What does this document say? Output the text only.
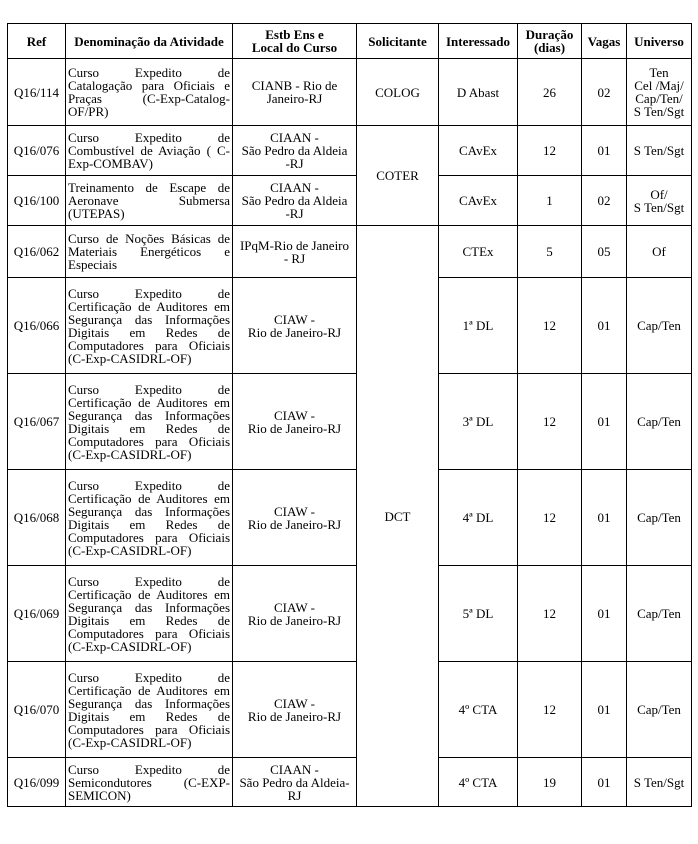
Ref	Denominação da Atividade	Estb Ens e
Local do Curso	Solicitante	Interessado	Duração
(dias)	Vagas	Universo
Q16/114	Curso Expedito de Catalogação para Oficiais e Praças (C-Exp-Catalog-OF/PR)	CIANB - Rio de
Janeiro-RJ	COLOG	D Abast	26	02	Ten
Cel /Maj/
Cap/Ten/
S Ten/Sgt
Q16/076	Curso Expedito de Combustível de Aviação ( C-Exp-COMBAV)	CIAAN -
São Pedro da Aldeia
-RJ	COTER	CAvEx	12	01	S Ten/Sgt
Q16/100	Treinamento de Escape de Aeronave Submersa (UTEPAS)	CIAAN -
São Pedro da Aldeia
-RJ		CAvEx	1	02	Of/
S Ten/Sgt
Q16/062	Curso de Noções Básicas de Materiais Energéticos e Especiais	IPqM-Rio de Janeiro
- RJ	DCT	CTEx	5	05	Of
Q16/066	Curso Expedito de Certificação de Auditores em Segurança das Informações Digitais em Redes de Computadores para Oficiais (C-Exp-CASIDRL-OF)	CIAW -
Rio de Janeiro-RJ		1ª DL	12	01	Cap/Ten
Q16/067	Curso Expedito de Certificação de Auditores em Segurança das Informações Digitais em Redes de Computadores para Oficiais (C-Exp-CASIDRL-OF)	CIAW -
Rio de Janeiro-RJ		3ª DL	12	01	Cap/Ten
Q16/068	Curso Expedito de Certificação de Auditores em Segurança das Informações Digitais em Redes de Computadores para Oficiais (C-Exp-CASIDRL-OF)	CIAW -
Rio de Janeiro-RJ		4ª DL	12	01	Cap/Ten
Q16/069	Curso Expedito de Certificação de Auditores em Segurança das Informações Digitais em Redes de Computadores para Oficiais (C-Exp-CASIDRL-OF)	CIAW -
Rio de Janeiro-RJ		5ª DL	12	01	Cap/Ten
Q16/070	Curso Expedito de Certificação de Auditores em Segurança das Informações Digitais em Redes de Computadores para Oficiais (C-Exp-CASIDRL-OF)	CIAW -
Rio de Janeiro-RJ		4º CTA	12	01	Cap/Ten
Q16/099	Curso Expedito de Semicondutores (C-EXP-SEMICON)	CIAAN -
São Pedro da Aldeia-
RJ		4º CTA	19	01	S Ten/Sgt
